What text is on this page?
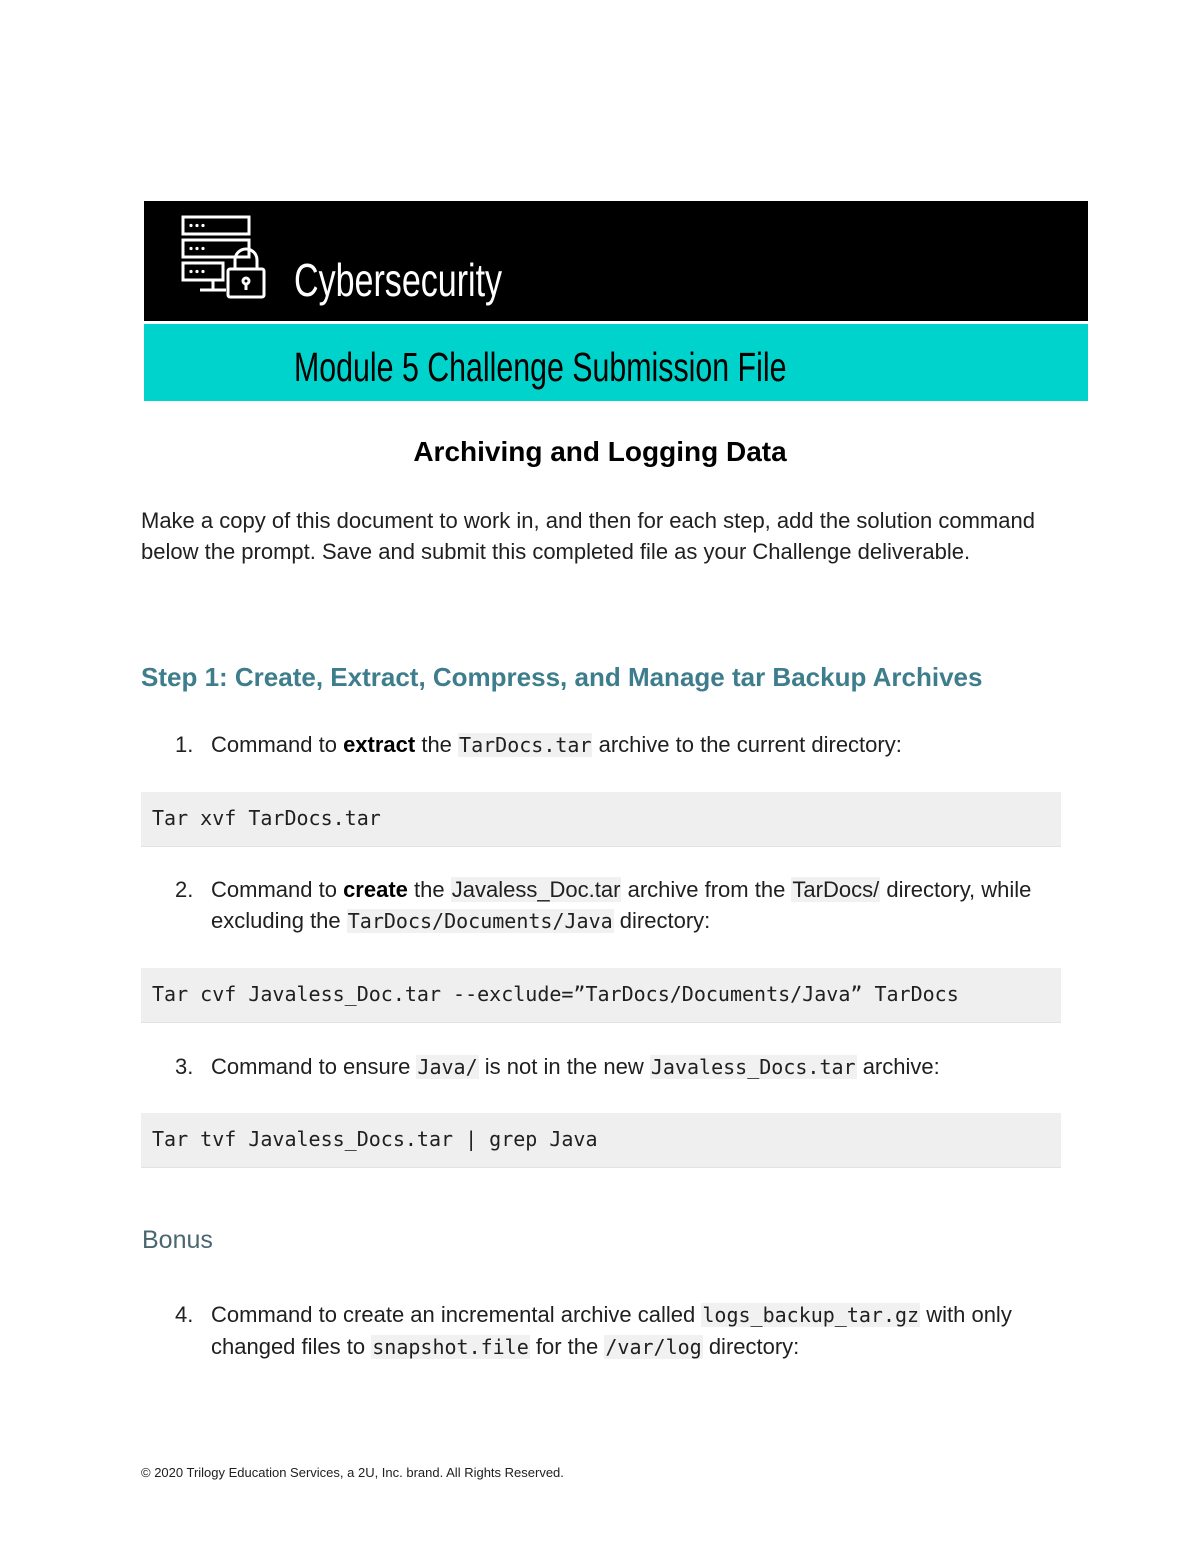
Cybersecurity
Module 5 Challenge Submission File
Archiving and Logging Data
Make a copy of this document to work in, and then for each step, add the solution command below the prompt. Save and submit this completed file as your Challenge deliverable.
Step 1: Create, Extract, Compress, and Manage tar Backup Archives
1. Command to extract the TarDocs.tar archive to the current directory:
Tar xvf TarDocs.tar
2. Command to create the Javaless_Doc.tar archive from the TarDocs/ directory, while excluding the TarDocs/Documents/Java directory:
Tar cvf Javaless_Doc.tar --exclude=”TarDocs/Documents/Java” TarDocs
3. Command to ensure Java/ is not in the new Javaless_Docs.tar archive:
Tar tvf Javaless_Docs.tar | grep Java
Bonus
4. Command to create an incremental archive called logs_backup_tar.gz with only changed files to snapshot.file for the /var/log directory:
© 2020 Trilogy Education Services, a 2U, Inc. brand. All Rights Reserved.
